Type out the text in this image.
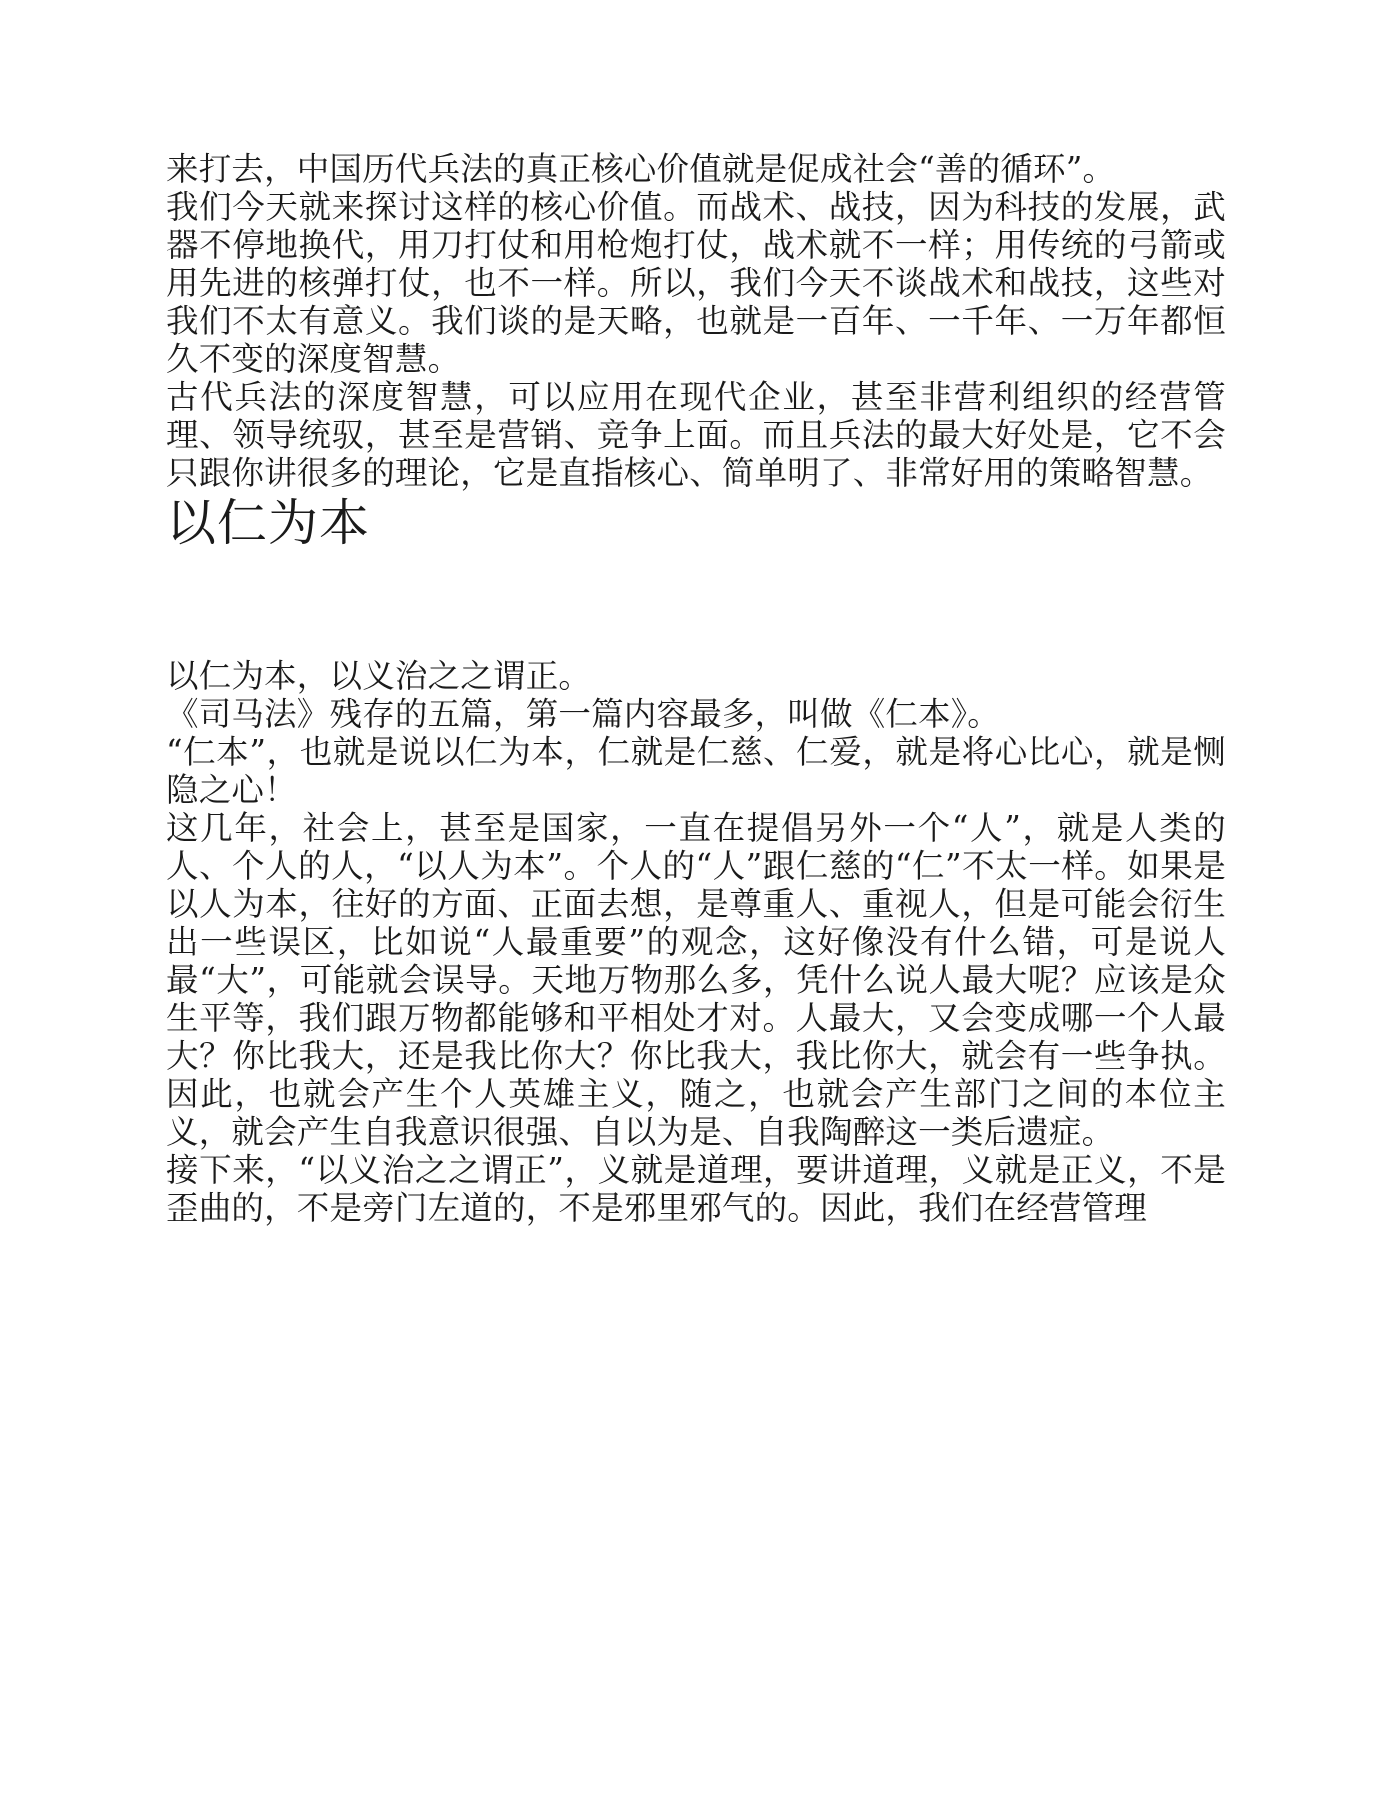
来打去，中国历代兵法的真正核心价值就是促成社会“善的循环”。

我们今天就来探讨这样的核心价值。而战术、战技，因为科技的发展，武器不停地换代，用刀打仗和用枪炮打仗，战术就不一样；用传统的弓箭或用先进的核弹打仗，也不一样。所以，我们今天不谈战术和战技，这些对我们不太有意义。我们谈的是天略，也就是一百年、一千年、一万年都恒久不变的深度智慧。

古代兵法的深度智慧，可以应用在现代企业，甚至非营利组织的经营管理、领导统驭，甚至是营销、竞争上面。而且兵法的最大好处是，它不会只跟你讲很多的理论，它是直指核心、简单明了、非常好用的策略智慧。

以仁为本

以仁为本，以义治之之谓正。

《司马法》残存的五篇，第一篇内容最多，叫做《仁本》。

“仁本”，也就是说以仁为本，仁就是仁慈、仁爱，就是将心比心，就是恻隐之心！

这几年，社会上，甚至是国家，一直在提倡另外一个“人”，就是人类的人、个人的人，“以人为本”。个人的“人”跟仁慈的“仁”不太一样。如果是以人为本，往好的方面、正面去想，是尊重人、重视人，但是可能会衍生出一些误区，比如说“人最重要”的观念，这好像没有什么错，可是说人最“大”，可能就会误导。天地万物那么多，凭什么说人最大呢？应该是众生平等，我们跟万物都能够和平相处才对。人最大，又会变成哪一个人最大？你比我大，还是我比你大？你比我大，我比你大，就会有一些争执。因此，也就会产生个人英雄主义，随之，也就会产生部门之间的本位主义，就会产生自我意识很强、自以为是、自我陶醉这一类后遗症。

接下来，“以义治之之谓正”，义就是道理，要讲道理，义就是正义，不是歪曲的，不是旁门左道的，不是邪里邪气的。因此，我们在经营管理
